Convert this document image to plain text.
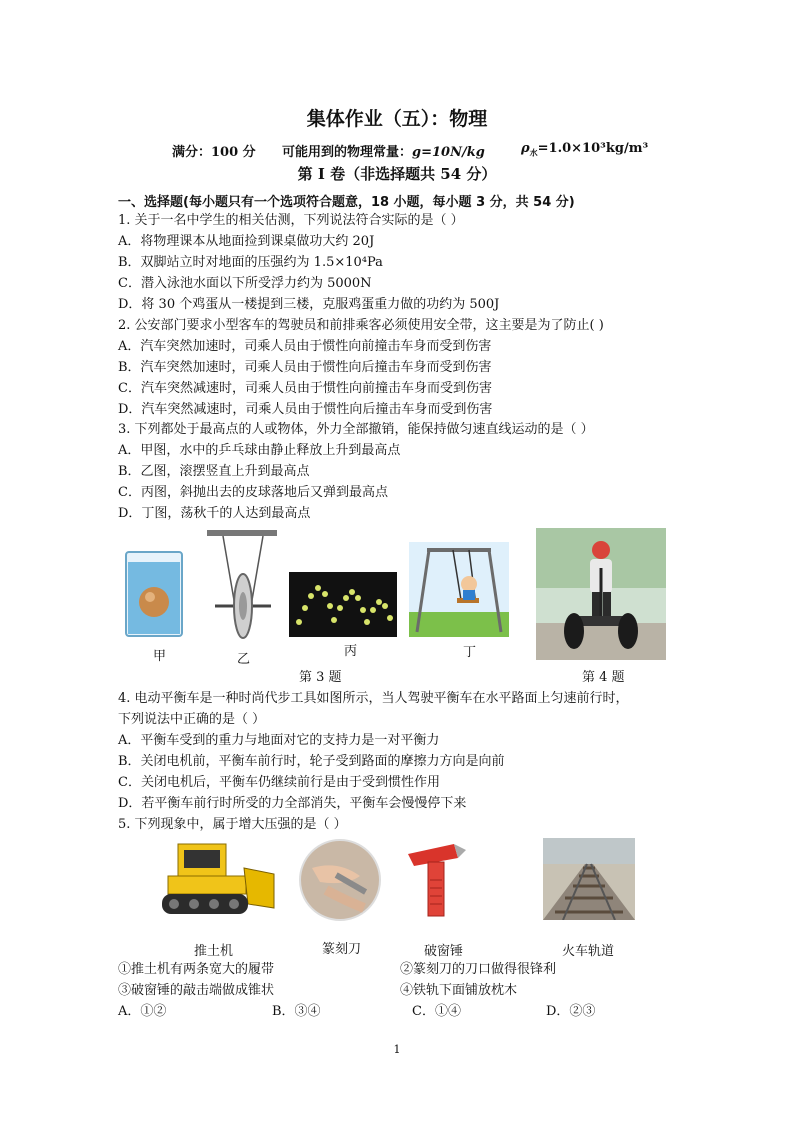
集体作业（五）：物理
满分：100 分 可能用到的物理常量：g=10N/kg	$\rho_水=1.0\times 10^3kg/m^3$
第 I 卷（非选择题共 54 分）
一、选择题(每小题只有一个选项符合题意，18 小题，每小题 3 分，共 54 分)
1. 关于一名中学生的相关估测，下列说法符合实际的是（ ）
A．将物理课本从地面捡到课桌做功大约 20J
B．双脚站立时对地面的压强约为 1.5×10⁴Pa
C．潜入泳池水面以下所受浮力约为 5000N
D．将 30 个鸡蛋从一楼提到三楼，克服鸡蛋重力做的功约为 500J
2. 公安部门要求小型客车的驾驶员和前排乘客必须使用安全带，这主要是为了防止( )
A．汽车突然加速时，司乘人员由于惯性向前撞击车身而受到伤害
B．汽车突然加速时，司乘人员由于惯性向后撞击车身而受到伤害
C．汽车突然减速时，司乘人员由于惯性向前撞击车身而受到伤害
D．汽车突然减速时，司乘人员由于惯性向后撞击车身而受到伤害
3. 下列都处于最高点的人或物体，外力全部撤销，能保持做匀速直线运动的是（ ）
A．甲图，水中的乒乓球由静止释放上升到最高点
B．乙图，滚摆竖直上升到最高点
C．丙图，斜抛出去的皮球落地后又弹到最高点
D．丁图，荡秋千的人达到最高点
甲	乙
丙	丁
第 3 题	第 4 题
4. 电动平衡车是一种时尚代步工具如图所示，当人驾驶平衡车在水平路面上匀速前行时，
下列说法中正确的是（ ）
A．平衡车受到的重力与地面对它的支持力是一对平衡力
B．关闭电机前，平衡车前行时，轮子受到路面的摩擦力方向是向前
C．关闭电机后，平衡车仍继续前行是由于受到惯性作用
D．若平衡车前行时所受的力全部消失，平衡车会慢慢停下来
5. 下列现象中，属于增大压强的是（ ）
推土机	篆刻刀	破窗锤	火车轨道
①推土机有两条宽大的履带	②篆刻刀的刀口做得很锋利
③破窗锤的敲击端做成锥状	④铁轨下面铺放枕木
A．①②	B．③④	C．①④	D．②③
1
